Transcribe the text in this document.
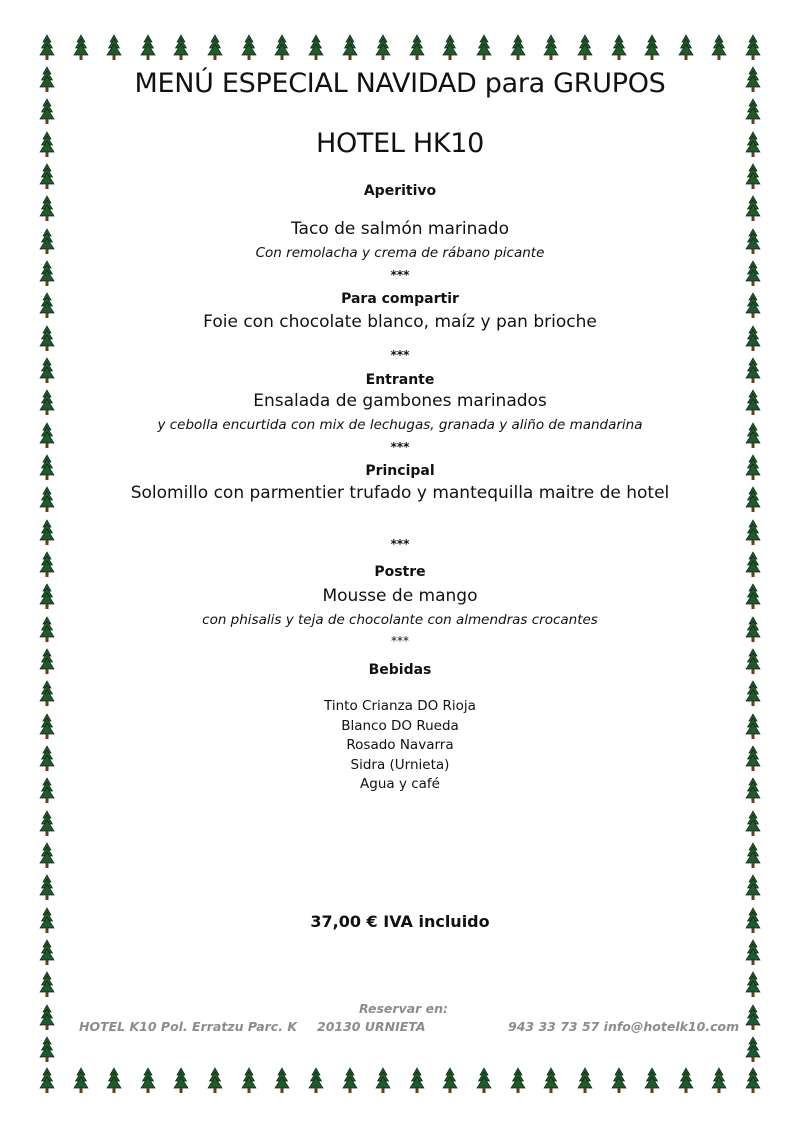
MENÚ ESPECIAL NAVIDAD para GRUPOS
HOTEL HK10
Aperitivo
Taco de salmón marinado
Con remolacha y crema de rábano picante
***
Para compartir
Foie con chocolate blanco, maíz y pan brioche
***
Entrante
Ensalada de gambones marinados
y cebolla encurtida con mix de lechugas, granada y aliño de mandarina
***
Principal
Solomillo con parmentier trufado y mantequilla maitre de hotel
***
Postre
Mousse de mango
con phisalis y teja de chocolante con almendras crocantes
***
Bebidas
Tinto Crianza DO Rioja
Blanco DO Rueda
Rosado Navarra
Sidra (Urnieta)
Agua y café
37,00 € IVA incluido
Reservar en:
HOTEL K10 Pol. Erratzu Parc. K 20130 URNIETA	943 33 73 57 info@hotelk10.com
